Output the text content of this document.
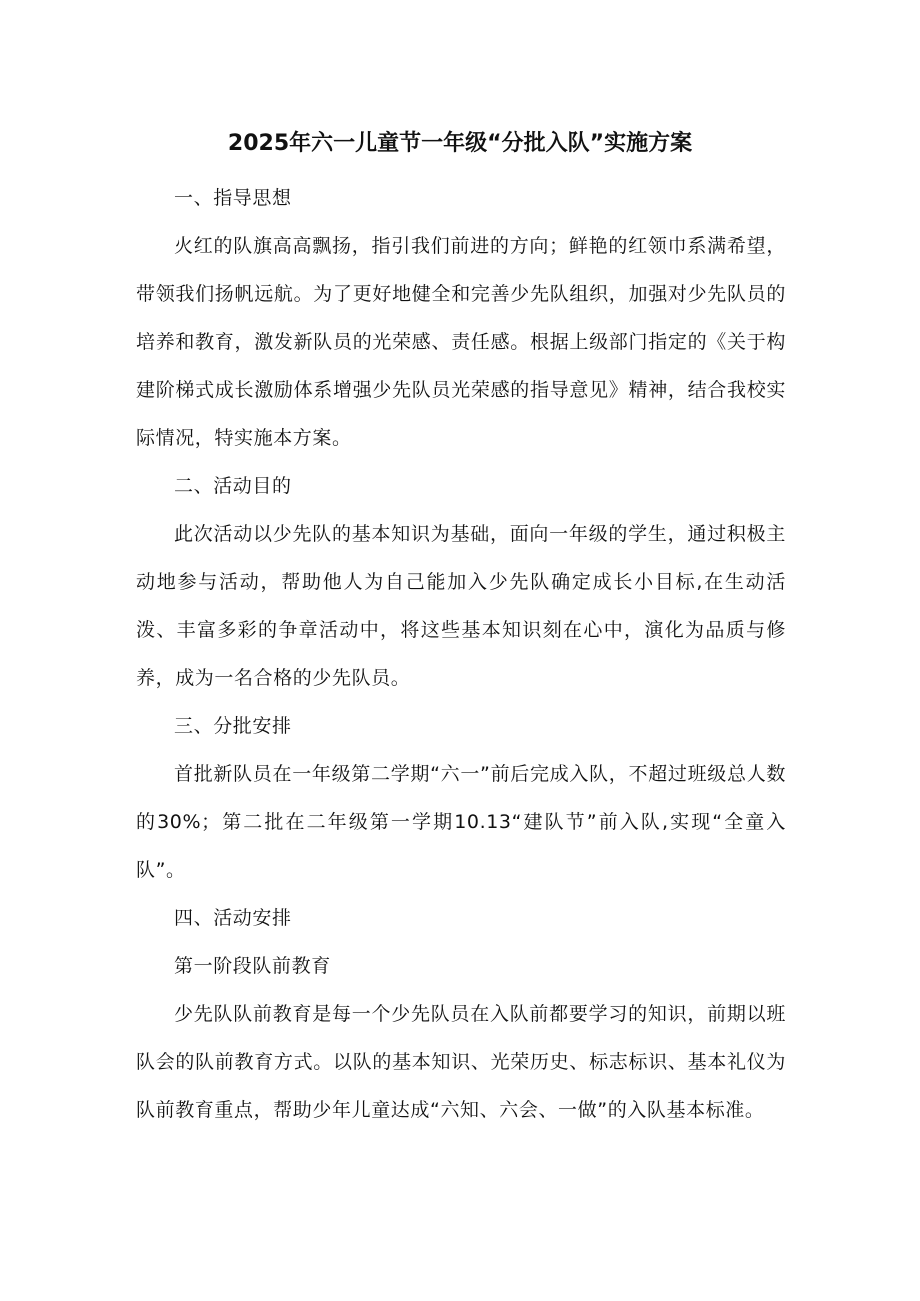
2025年六一儿童节一年级“分批入队”实施方案

一、指导思想

火红的队旗高高飘扬，指引我们前进的方向；鲜艳的红领巾系满希望，带领我们扬帆远航。为了更好地健全和完善少先队组织，加强对少先队员的培养和教育，激发新队员的光荣感、责任感。根据上级部门指定的《关于构建阶梯式成长激励体系增强少先队员光荣感的指导意见》精神，结合我校实际情况，特实施本方案。

二、活动目的

此次活动以少先队的基本知识为基础，面向一年级的学生，通过积极主动地参与活动，帮助他人为自己能加入少先队确定成长小目标,在生动活泼、丰富多彩的争章活动中，将这些基本知识刻在心中，演化为品质与修养，成为一名合格的少先队员。

三、分批安排

首批新队员在一年级第二学期“六一”前后完成入队，不超过班级总人数的30%；第二批在二年级第一学期10.13“建队节”前入队,实现“全童入队”。

四、活动安排

第一阶段队前教育

少先队队前教育是每一个少先队员在入队前都要学习的知识，前期以班队会的队前教育方式。以队的基本知识、光荣历史、标志标识、基本礼仪为队前教育重点，帮助少年儿童达成“六知、六会、一做”的入队基本标准。
